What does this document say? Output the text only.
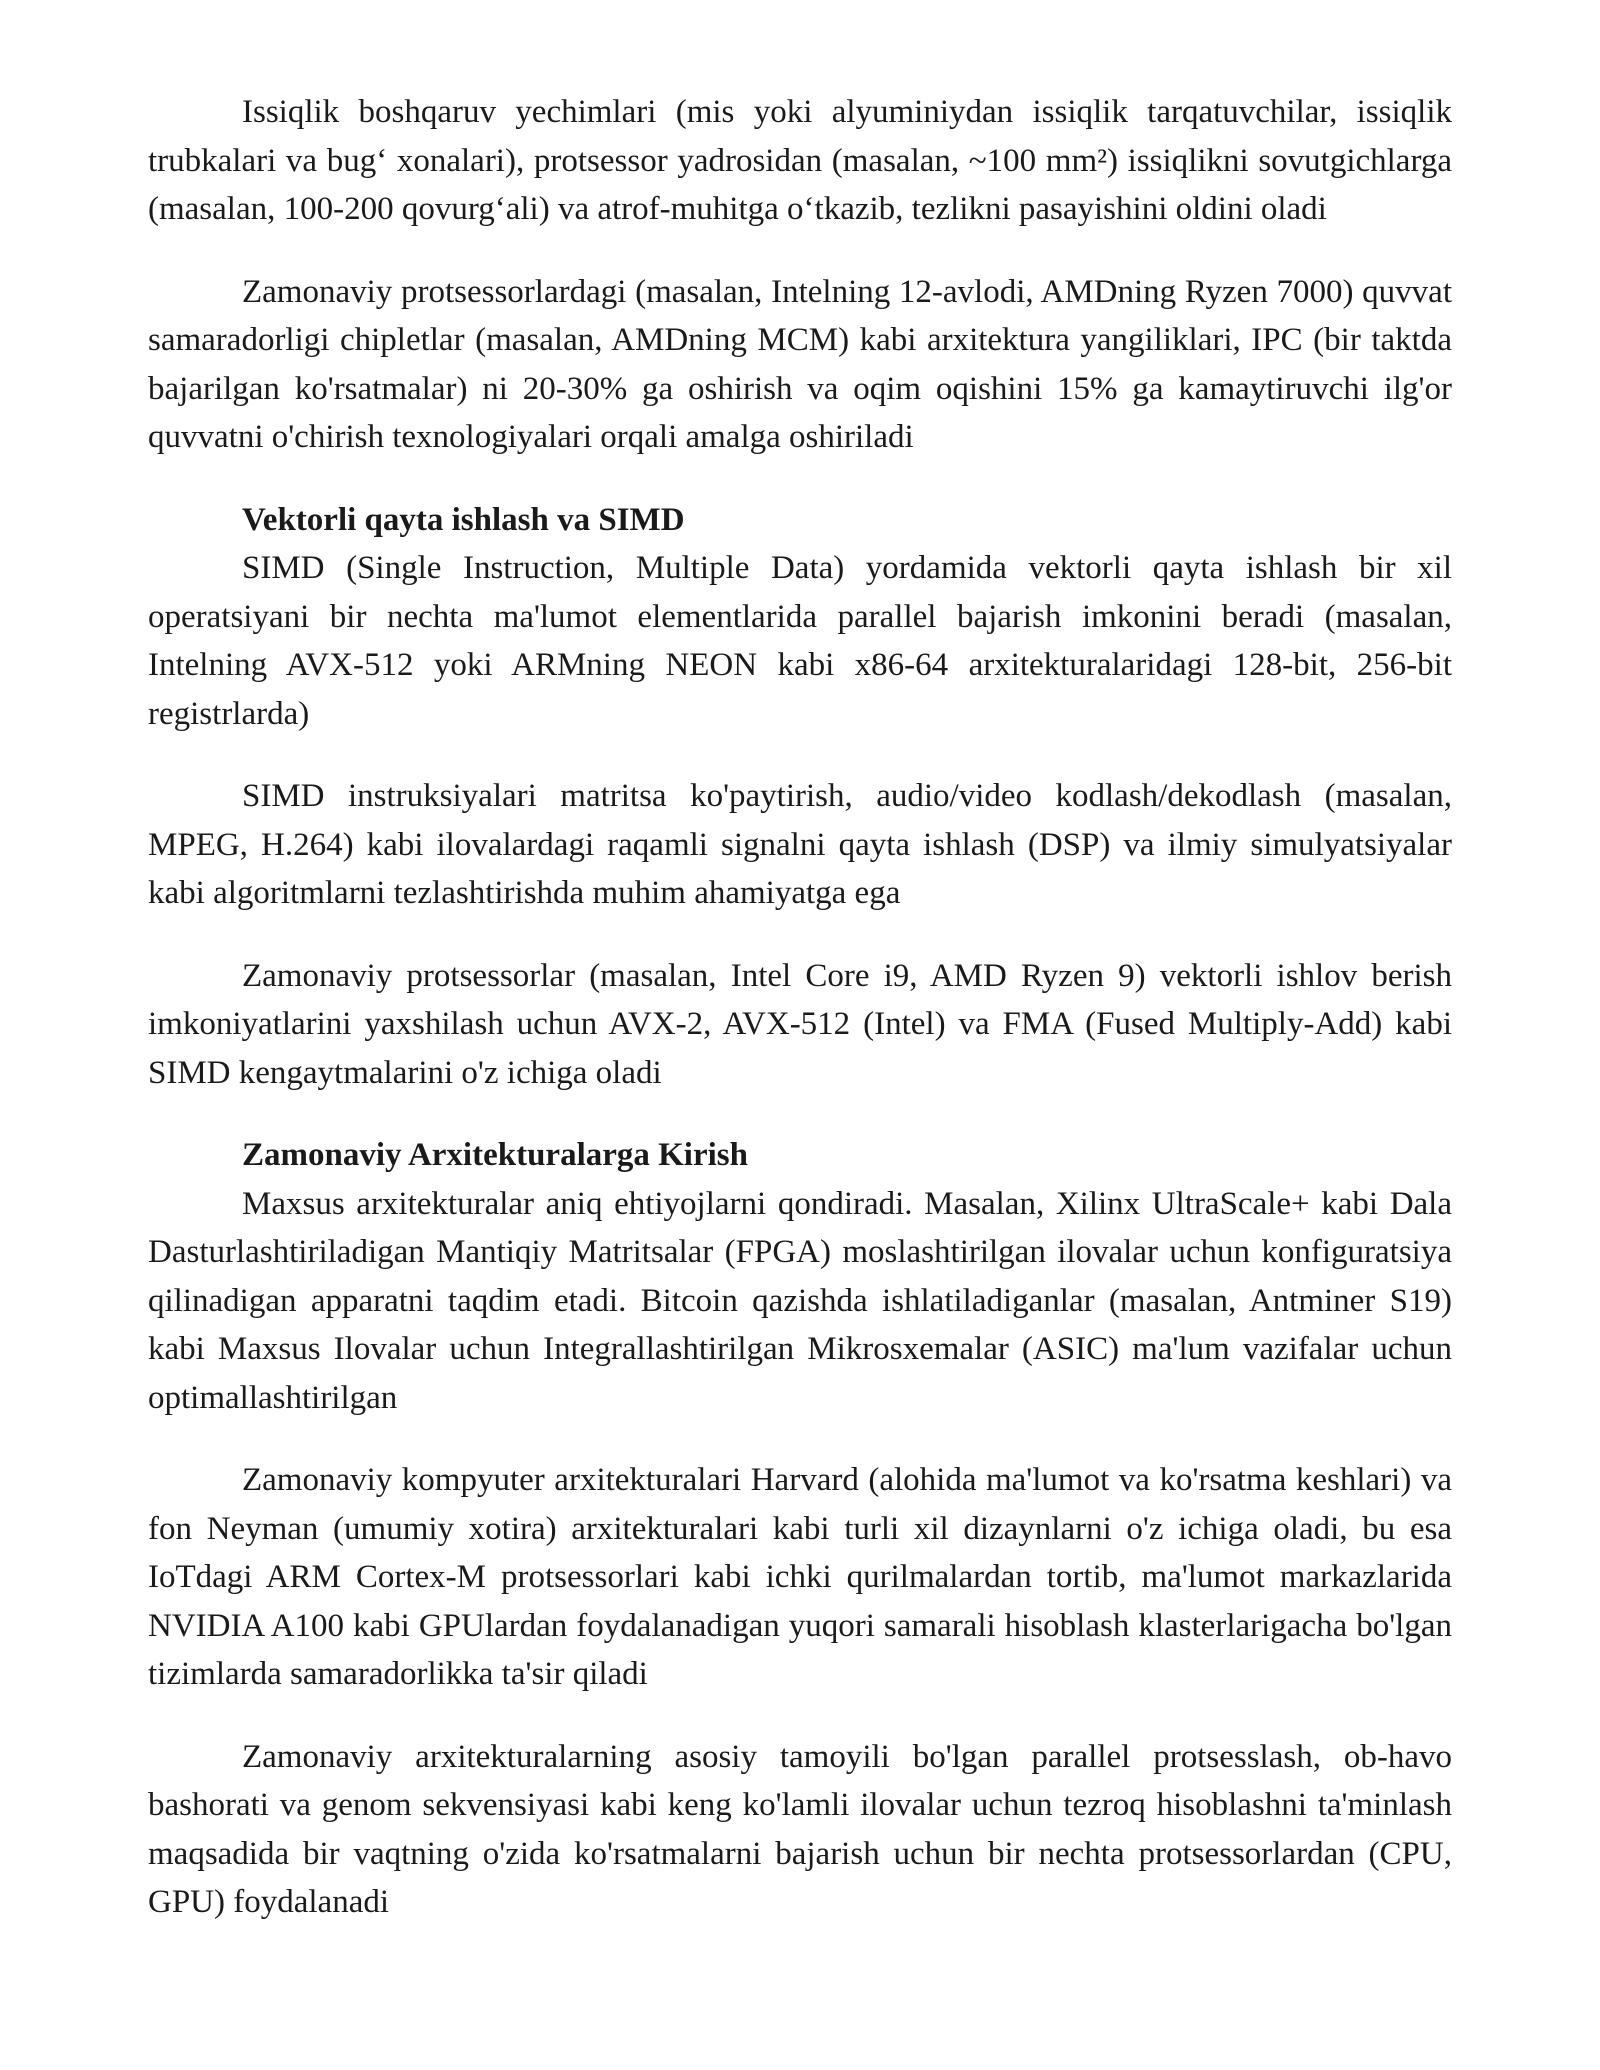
Issiqlik boshqaruv yechimlari (mis yoki alyuminiydan issiqlik tarqatuvchilar, issiqlik trubkalari va bug‘ xonalari), protsessor yadrosidan (masalan, ~100 mm²) issiqlikni sovutgichlarga (masalan, 100-200 qovurg‘ali) va atrof-muhitga o‘tkazib, tezlikni pasayishini oldini oladi

Zamonaviy protsessorlardagi (masalan, Intelning 12-avlodi, AMDning Ryzen 7000) quvvat samaradorligi chipletlar (masalan, AMDning MCM) kabi arxitektura yangiliklari, IPC (bir taktda bajarilgan ko'rsatmalar) ni 20-30% ga oshirish va oqim oqishini 15% ga kamaytiruvchi ilg'or quvvatni o'chirish texnologiyalari orqali amalga oshiriladi

Vektorli qayta ishlash va SIMD

SIMD (Single Instruction, Multiple Data) yordamida vektorli qayta ishlash bir xil operatsiyani bir nechta ma'lumot elementlarida parallel bajarish imkonini beradi (masalan, Intelning AVX-512 yoki ARMning NEON kabi x86-64 arxitekturalaridagi 128-bit, 256-bit registrlarda)

SIMD instruksiyalari matritsa ko'paytirish, audio/video kodlash/dekodlash (masalan, MPEG, H.264) kabi ilovalardagi raqamli signalni qayta ishlash (DSP) va ilmiy simulyatsiyalar kabi algoritmlarni tezlashtirishda muhim ahamiyatga ega

Zamonaviy protsessorlar (masalan, Intel Core i9, AMD Ryzen 9) vektorli ishlov berish imkoniyatlarini yaxshilash uchun AVX-2, AVX-512 (Intel) va FMA (Fused Multiply-Add) kabi SIMD kengaytmalarini o'z ichiga oladi

Zamonaviy Arxitekturalarga Kirish

Maxsus arxitekturalar aniq ehtiyojlarni qondiradi. Masalan, Xilinx UltraScale+ kabi Dala Dasturlashtiriladigan Mantiqiy Matritsalar (FPGA) moslashtirilgan ilovalar uchun konfiguratsiya qilinadigan apparatni taqdim etadi. Bitcoin qazishda ishlatiladiganlar (masalan, Antminer S19) kabi Maxsus Ilovalar uchun Integrallashtirilgan Mikrosxemalar (ASIC) ma'lum vazifalar uchun optimallashtirilgan

Zamonaviy kompyuter arxitekturalari Harvard (alohida ma'lumot va ko'rsatma keshlari) va fon Neyman (umumiy xotira) arxitekturalari kabi turli xil dizaynlarni o'z ichiga oladi, bu esa IoTdagi ARM Cortex-M protsessorlari kabi ichki qurilmalardan tortib, ma'lumot markazlarida NVIDIA A100 kabi GPUlardan foydalanadigan yuqori samarali hisoblash klasterlarigacha bo'lgan tizimlarda samaradorlikka ta'sir qiladi

Zamonaviy arxitekturalarning asosiy tamoyili bo'lgan parallel protsesslash, ob-havo bashorati va genom sekvensiyasi kabi keng ko'lamli ilovalar uchun tezroq hisoblashni ta'minlash maqsadida bir vaqtning o'zida ko'rsatmalarni bajarish uchun bir nechta protsessorlardan (CPU, GPU) foydalanadi
